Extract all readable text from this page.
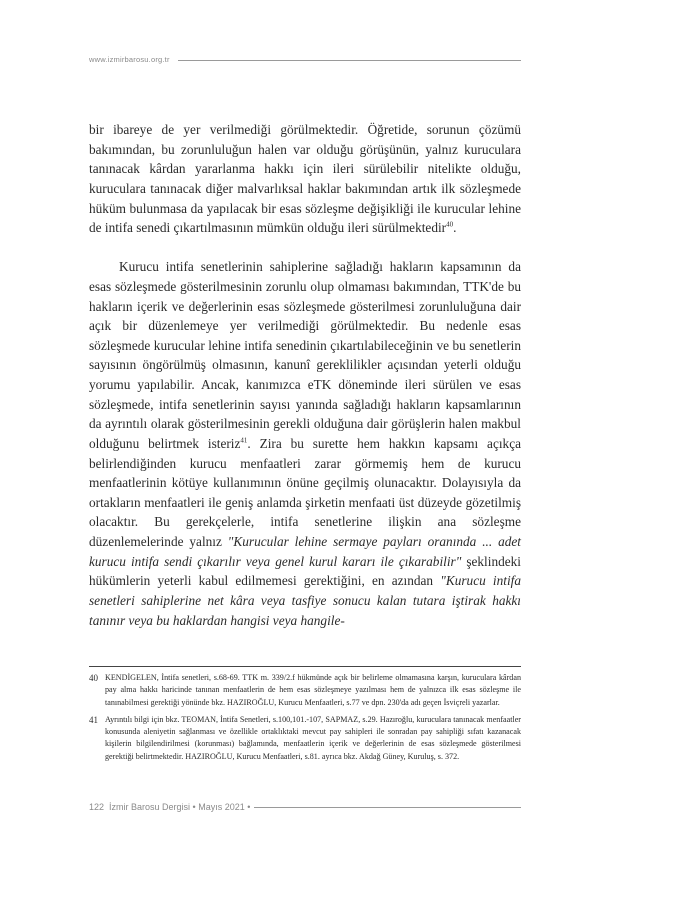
www.izmirbarosu.org.tr

bir ibareye de yer verilmediği görülmektedir. Öğretide, sorunun çözümü bakımından, bu zorunluluğun halen var olduğu görüşünün, yalnız kuruculara tanınacak kârdan yararlanma hakkı için ileri sürülebilir nitelikte olduğu, kuruculara tanınacak diğer malvarlıksal haklar bakımından artık ilk sözleşmede hüküm bulunmasa da yapılacak bir esas sözleşme değişikliği ile kurucular lehine de intifa senedi çıkartılmasının mümkün olduğu ileri sürülmektedir$^{40}$.

Kurucu intifa senetlerinin sahiplerine sağladığı hakların kapsamının da esas sözleşmede gösterilmesinin zorunlu olup olmaması bakımından, TTK'de bu hakların içerik ve değerlerinin esas sözleşmede gösterilmesi zorunluluğuna dair açık bir düzenlemeye yer verilmediği görülmektedir. Bu nedenle esas sözleşmede kurucular lehine intifa senedinin çıkartılabileceğinin ve bu senetlerin sayısının öngörülmüş olmasının, kanunî gereklilikler açısından yeterli olduğu yorumu yapılabilir. Ancak, kanımızca eTK döneminde ileri sürülen ve esas sözleşmede, intifa senetlerinin sayısı yanında sağladığı hakların kapsamlarının da ayrıntılı olarak gösterilmesinin gerekli olduğuna dair görüşlerin halen makbul olduğunu belirtmek isteriz$^{41}$. Zira bu surette hem hakkın kapsamı açıkça belirlendiğinden kurucu menfaatleri zarar görmemiş hem de kurucu menfaatlerinin kötüye kullanımının önüne geçilmiş olunacaktır. Dolayısıyla da ortakların menfaatleri ile geniş anlamda şirketin menfaati üst düzeyde gözetilmiş olacaktır. Bu gerekçelerle, intifa senetlerine ilişkin ana sözleşme düzenlemelerinde yalnız "Kurucular lehine sermaye payları oranında ... adet kurucu intifa sendi çıkarılır veya genel kurul kararı ile çıkarabilir" şeklindeki hükümlerin yeterli kabul edilmemesi gerektiğini, en azından "Kurucu intifa senetleri sahiplerine net kâra veya tasfiye sonucu kalan tutara iştirak hakkı tanınır veya bu haklardan hangisi veya hangile-

40 KENDİGELEN, İntifa senetleri, s.68-69. TTK m. 339/2.f hükmünde açık bir belirleme olmamasına karşın, kuruculara kârdan pay alma hakkı haricinde tanınan menfaatlerin de hem esas sözleşmeye yazılması hem de yalnızca ilk esas sözleşme ile tanınabilmesi gerektiği yönünde bkz. HAZIROĞLU, Kurucu Menfaatleri, s.77 ve dpn. 230'da adı geçen İsviçreli yazarlar.
41 Ayrıntılı bilgi için bkz. TEOMAN, İntifa Senetleri, s.100,101.-107, SAPMAZ, s.29. Hazıroğlu, kuruculara tanınacak menfaatler konusunda aleniyetin sağlanması ve özellikle ortaklıktaki mevcut pay sahipleri ile sonradan pay sahipliği sıfatı kazanacak kişilerin bilgilendirilmesi (korunması) bağlamında, menfaatlerin içerik ve değerlerinin de esas sözleşmede gösterilmesi gerektiği belirtmektedir. HAZIROĞLU, Kurucu Menfaatleri, s.81. ayrıca bkz. Akdağ Güney, Kuruluş, s. 372.
122 İzmir Barosu Dergisi • Mayıs 2021 •
